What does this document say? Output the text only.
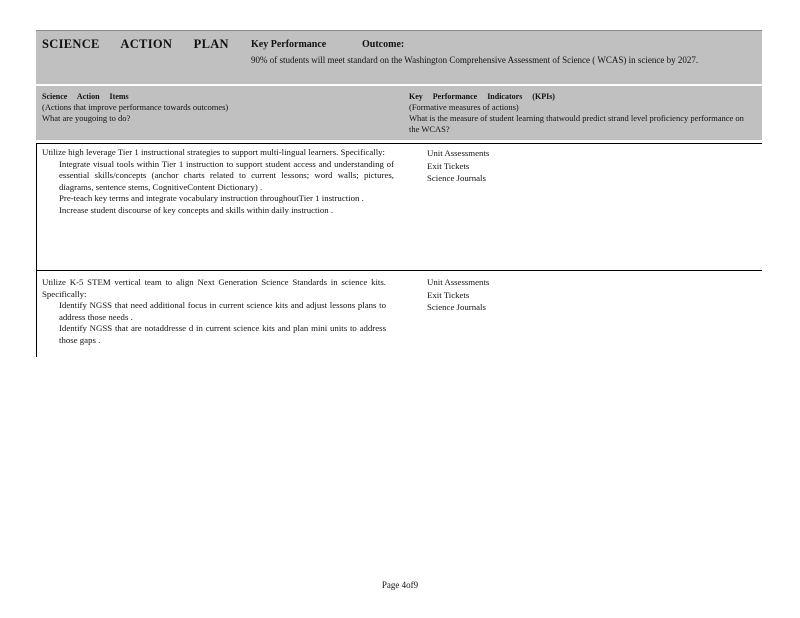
SCIENCE ACTION PLAN Key Performance	Outcome:
90% of students will meet standard on the Washington Comprehensive Assessment of Science ( WCAS) in science by 2027.
Science Action Items
(Actions that improve performance towards outcomes)
What are yougoing to do?
Key Performance Indicators (KPIs)
(Formative measures of actions)
What is the measure of student learning thatwould predict strand level proficiency performance on the WCAS?
Utilize high leverage Tier 1 instructional strategies to support multi-lingual learners. Specifically:
Integrate visual tools within Tier 1 instruction to support student access and understanding of essential skills/concepts (anchor charts related to current lessons; word walls; pictures, diagrams, sentence stems, CognitiveContent Dictionary) .
Pre-teach key terms and integrate vocabulary instruction throughoutTier 1 instruction .
Increase student discourse of key concepts and skills within daily instruction .
Unit Assessments
Exit Tickets
Science Journals
Utilize K-5 STEM vertical team to align Next Generation Science Standards in science kits. Specifically:
Identify NGSS that need additional focus in current science kits and adjust lessons plans to address those needs .
Identify NGSS that are notaddresse d in current science kits and plan mini units to address those gaps .
Unit Assessments
Exit Tickets
Science Journals
Page 4of9
